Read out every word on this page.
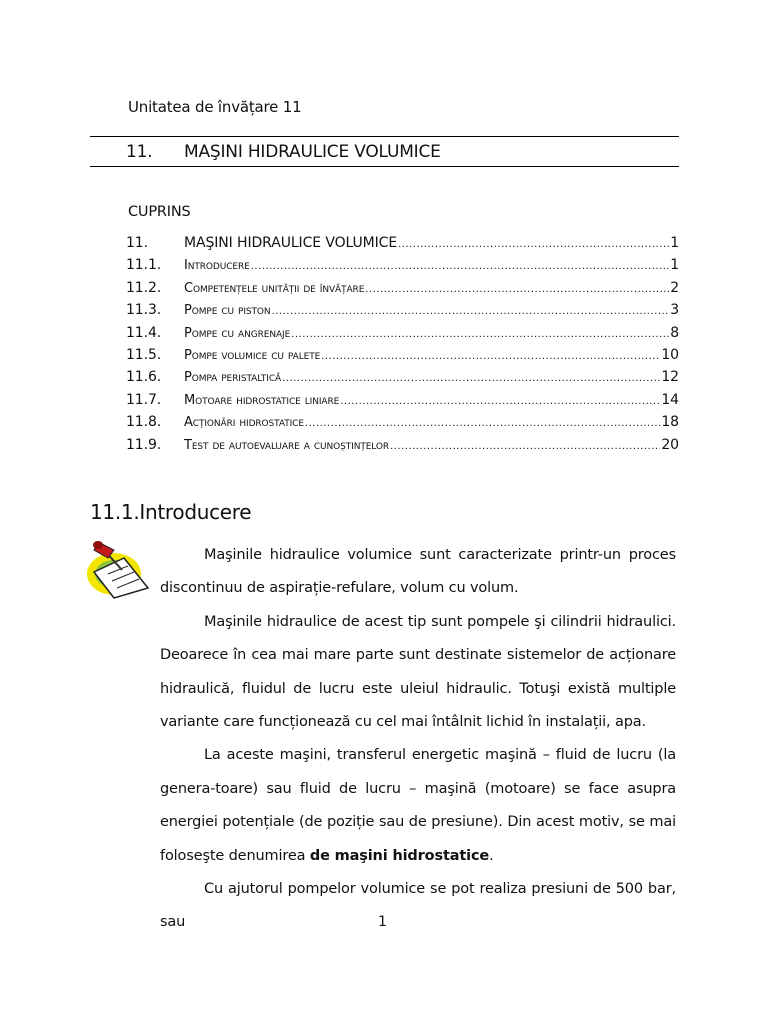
Unitatea de învățare 11
11. MAŞINI HIDRAULICE VOLUMICE
CUPRINS
11.	MAŞINI HIDRAULICE VOLUMICE .....	1
11.1.	Introducere .....	1
11.2.	Competențele unității de învățare .....	2
11.3.	Pompe cu piston .....	3
11.4.	Pompe cu angrenaje .....	8
11.5.	Pompe volumice cu palete .....	10
11.6.	Pompa peristaltică .....	12
11.7.	Motoare hidrostatice liniare .....	14
11.8.	Acționări hidrostatice .....	18
11.9.	Test de autoevaluare a cunoștințelor .....	20
11.1.Introducere

Maşinile hidraulice volumice sunt caracterizate printr-un proces discontinuu de aspirație-refulare, volum cu volum.

Maşinile hidraulice de acest tip sunt pompele şi cilindrii hidraulici. Deoarece în cea mai mare parte sunt destinate sistemelor de acționare hidraulică, fluidul de lucru este uleiul hidraulic. Totuşi există multiple variante care funcționează cu cel mai întâlnit lichid în instalații, apa.

La aceste maşini, transferul energetic maşină – fluid de lucru (la genera-toare) sau fluid de lucru – maşină (motoare) se face asupra energiei potențiale (de poziție sau de presiune). Din acest motiv, se mai foloseşte denumirea de maşini hidrostatice.

Cu ajutorul pompelor volumice se pot realiza presiuni de 500 bar, sau	1
